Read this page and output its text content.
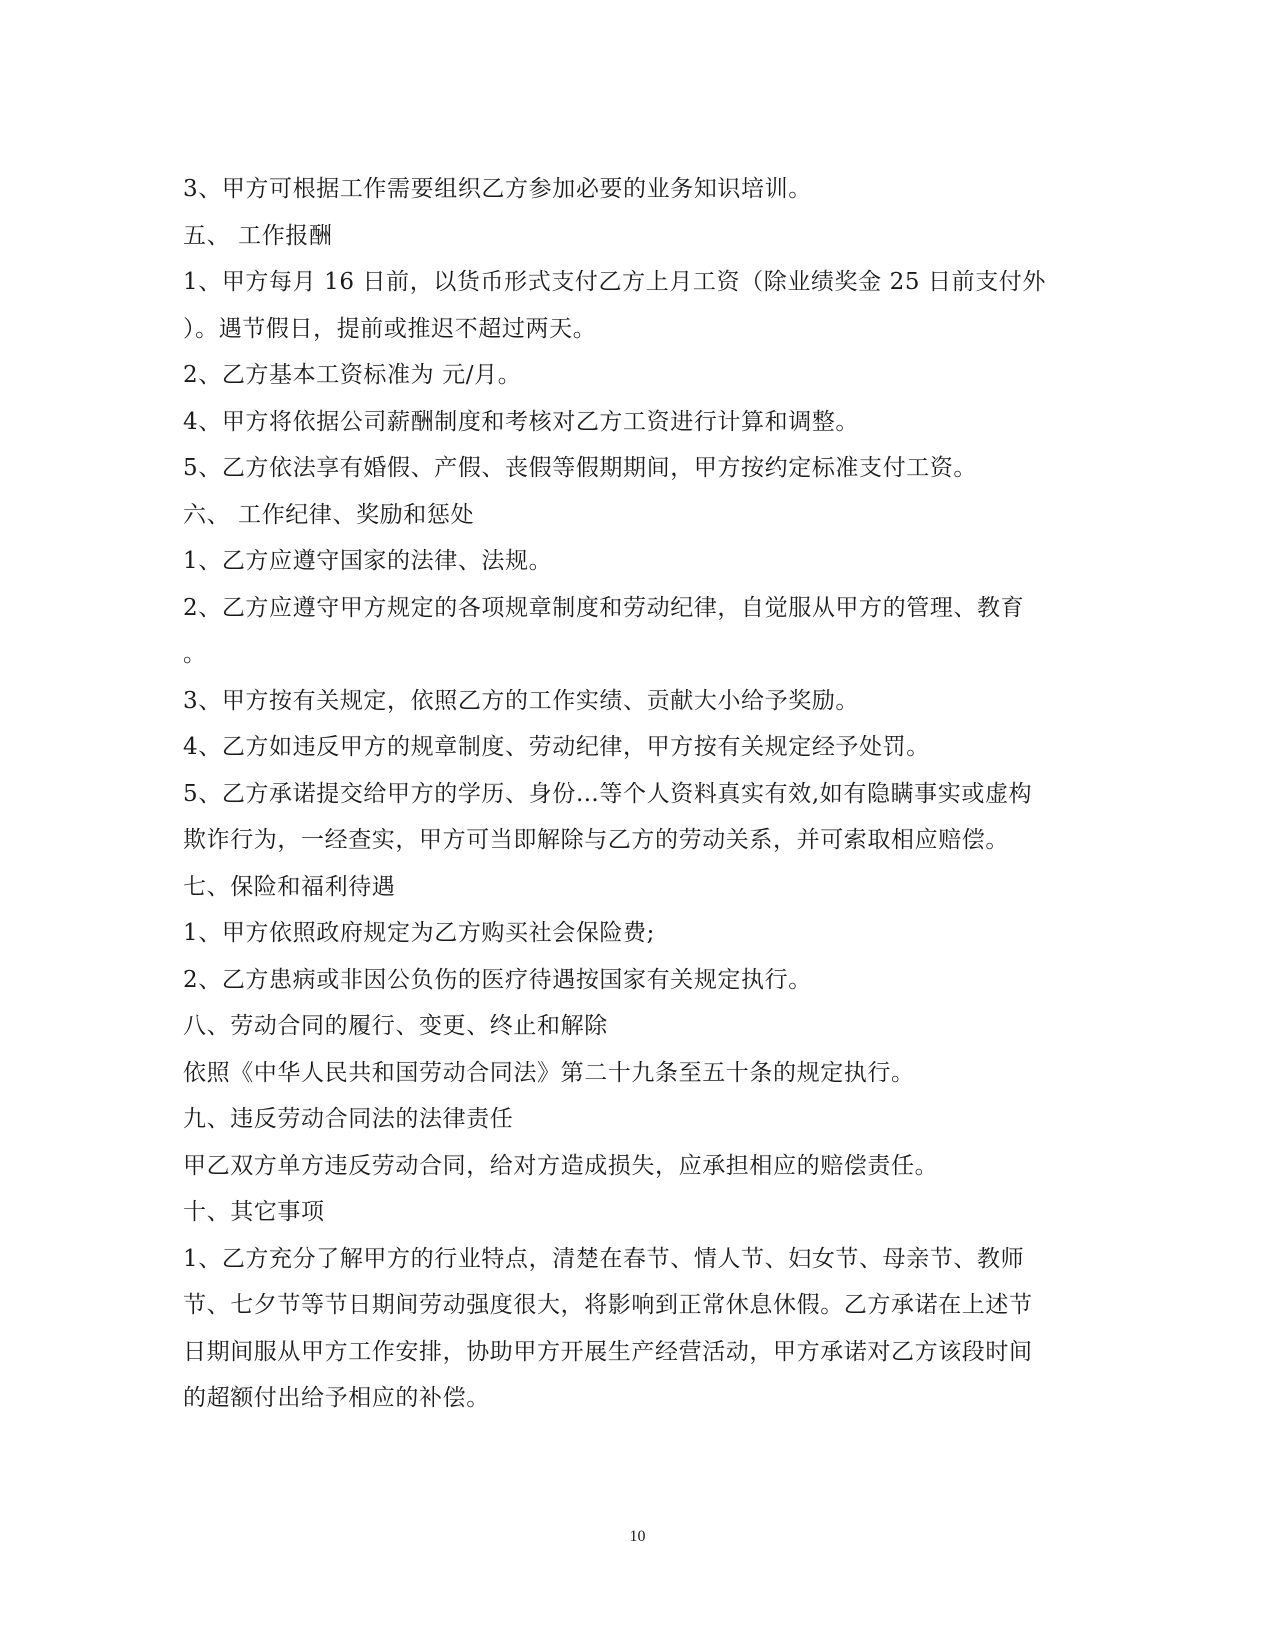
3、甲方可根据工作需要组织乙方参加必要的业务知识培训。
五、 工作报酬
1、甲方每月 16 日前，以货币形式支付乙方上月工资（除业绩奖金 25 日前支付外
）。遇节假日，提前或推迟不超过两天。
2、乙方基本工资标准为 元/月。
4、甲方将依据公司薪酬制度和考核对乙方工资进行计算和调整。
5、乙方依法享有婚假、产假、丧假等假期期间，甲方按约定标准支付工资。
六、 工作纪律、奖励和惩处
1、乙方应遵守国家的法律、法规。
2、乙方应遵守甲方规定的各项规章制度和劳动纪律，自觉服从甲方的管理、教育
。
3、甲方按有关规定，依照乙方的工作实绩、贡献大小给予奖励。
4、乙方如违反甲方的规章制度、劳动纪律，甲方按有关规定经予处罚。
5、乙方承诺提交给甲方的学历、身份…等个人资料真实有效,如有隐瞒事实或虚构
欺诈行为，一经查实，甲方可当即解除与乙方的劳动关系，并可索取相应赔偿。
七、保险和福利待遇
1、甲方依照政府规定为乙方购买社会保险费;
2、乙方患病或非因公负伤的医疗待遇按国家有关规定执行。
八、劳动合同的履行、变更、终止和解除
依照《中华人民共和国劳动合同法》第二十九条至五十条的规定执行。
九、违反劳动合同法的法律责任
甲乙双方单方违反劳动合同，给对方造成损失，应承担相应的赔偿责任。
十、其它事项
1、乙方充分了解甲方的行业特点，清楚在春节、情人节、妇女节、母亲节、教师
节、七夕节等节日期间劳动强度很大，将影响到正常休息休假。乙方承诺在上述节
日期间服从甲方工作安排，协助甲方开展生产经营活动，甲方承诺对乙方该段时间
的超额付出给予相应的补偿。
10
